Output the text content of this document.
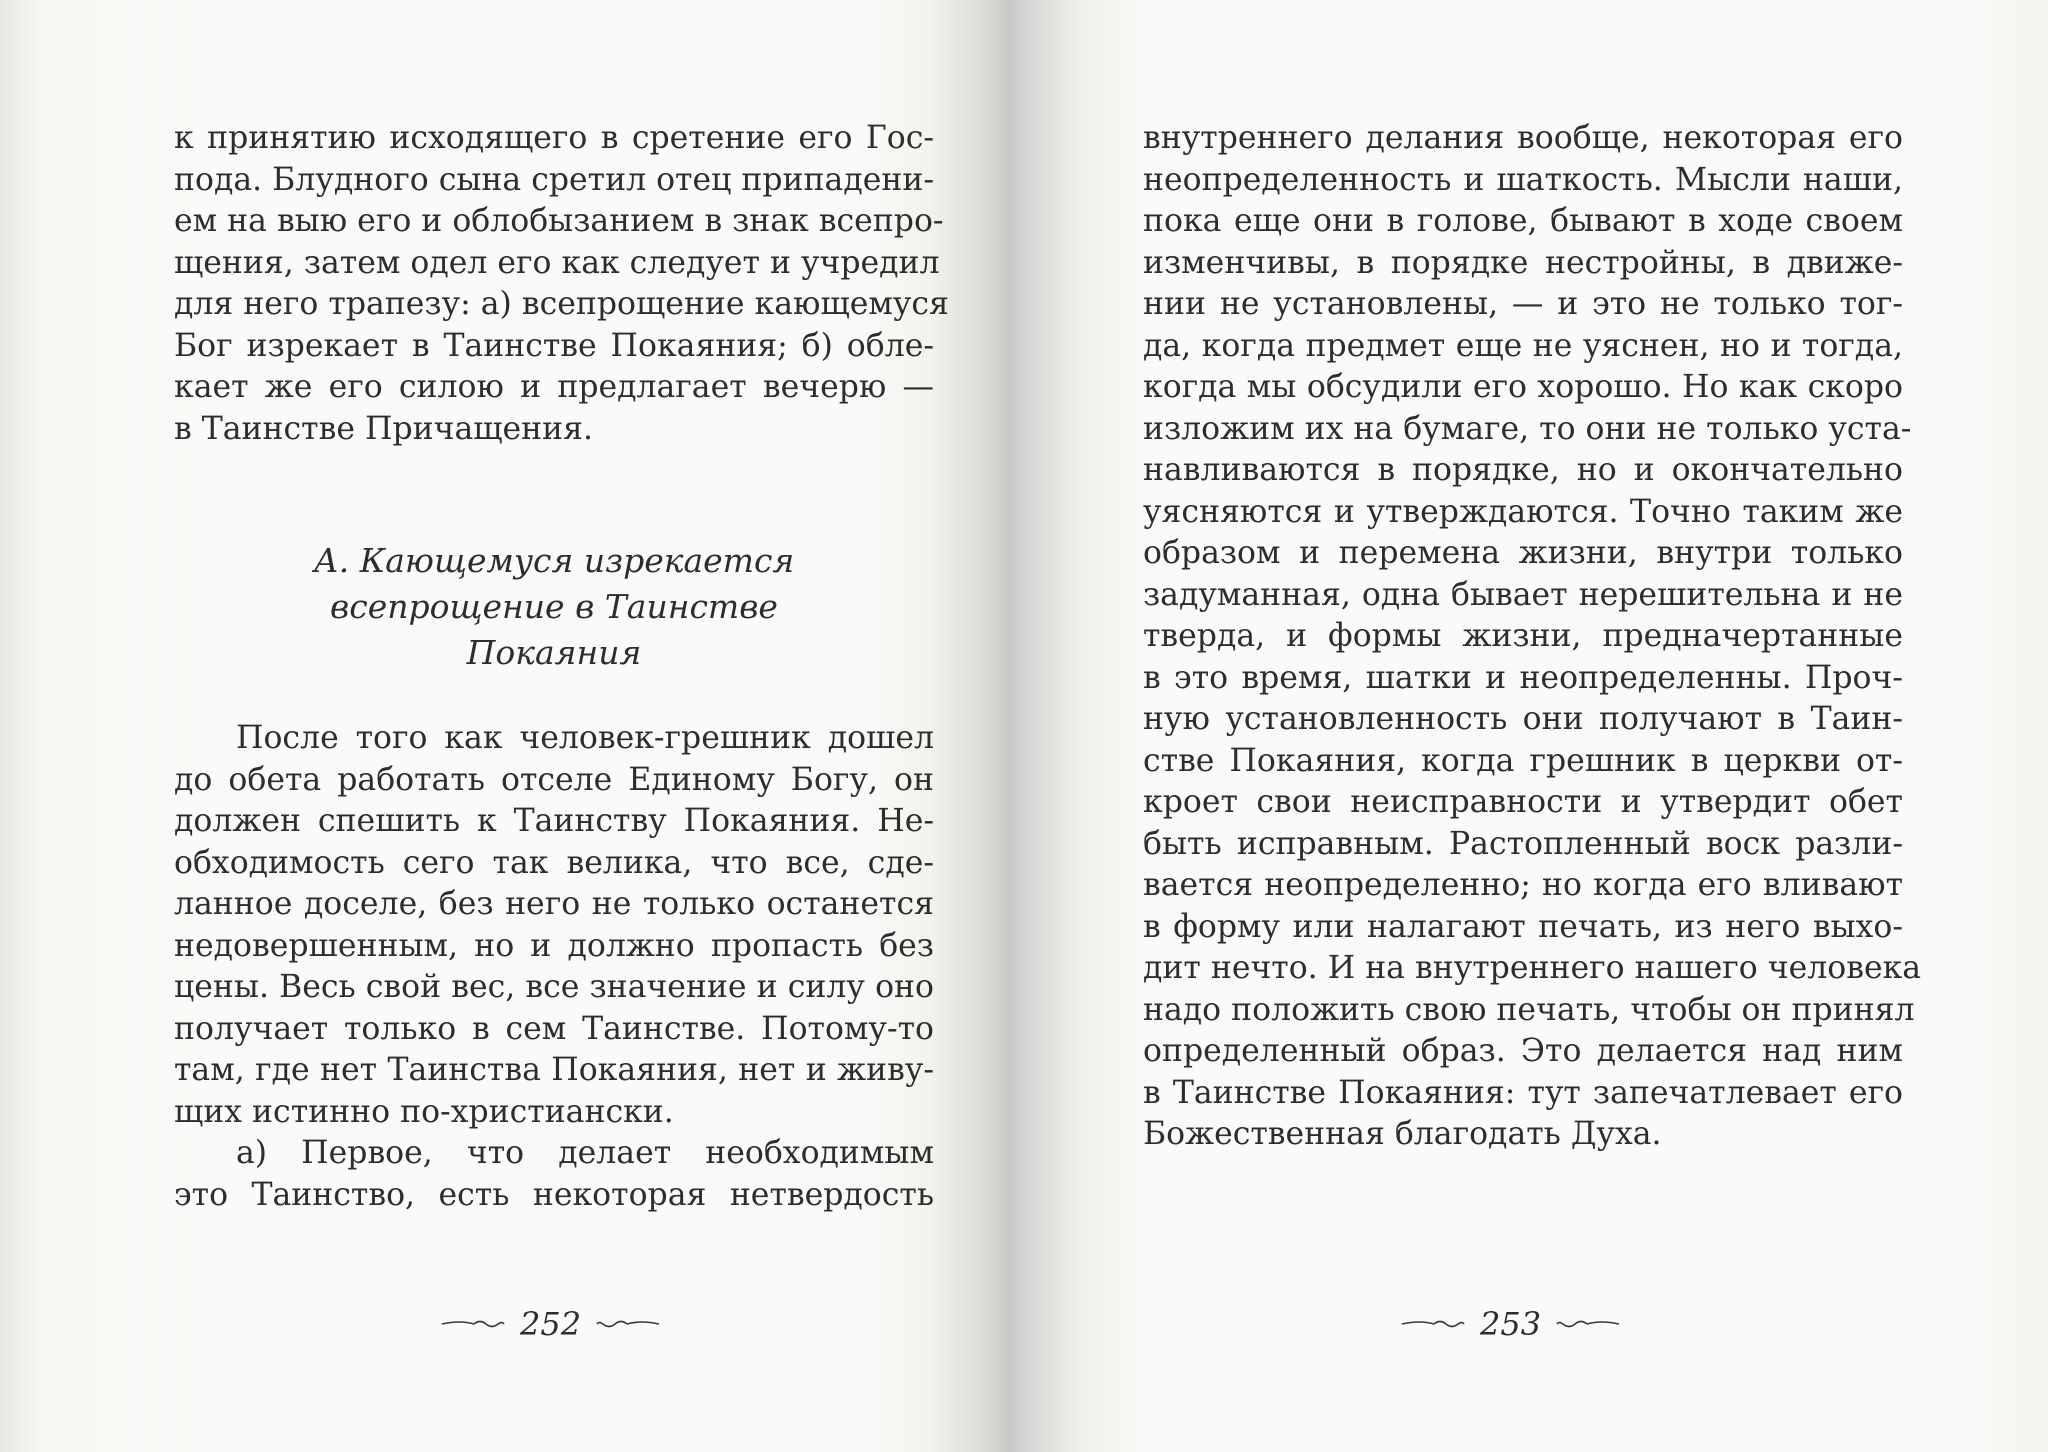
к принятию исходящего в сретение его Гос-
пода. Блудного сына сретил отец припадени-
ем на выю его и облобызанием в знак всепро-
щения, затем одел его как следует и учредил
для него трапезу: а) всепрощение кающемуся
Бог изрекает в Таинстве Покаяния; б) обле-
кает же его силою и предлагает вечерю —
в Таинстве Причащения.
А. Кающемуся изрекается
всепрощение в Таинстве
Покаяния
После того как человек-грешник дошел
до обета работать отселе Единому Богу, он
должен спешить к Таинству Покаяния. Не-
обходимость сего так велика, что все, сде-
ланное доселе, без него не только останется
недовершенным, но и должно пропасть без
цены. Весь свой вес, все значение и силу оно
получает только в сем Таинстве. Потому-то
там, где нет Таинства Покаяния, нет и живу-
щих истинно по-христиански.
а) Первое, что делает необходимым
это Таинство, есть некоторая нетвердость
252
внутреннего делания вообще, некоторая его
неопределенность и шаткость. Мысли наши,
пока еще они в голове, бывают в ходе своем
изменчивы, в порядке нестройны, в движе-
нии не установлены, — и это не только тог-
да, когда предмет еще не уяснен, но и тогда,
когда мы обсудили его хорошо. Но как скоро
изложим их на бумаге, то они не только уста-
навливаются в порядке, но и окончательно
уясняются и утверждаются. Точно таким же
образом и перемена жизни, внутри только
задуманная, одна бывает нерешительна и не
тверда, и формы жизни, предначертанные
в это время, шатки и неопределенны. Проч-
ную установленность они получают в Таин-
стве Покаяния, когда грешник в церкви от-
кроет свои неисправности и утвердит обет
быть исправным. Растопленный воск разли-
вается неопределенно; но когда его вливают
в форму или налагают печать, из него выхо-
дит нечто. И на внутреннего нашего человека
надо положить свою печать, чтобы он принял
определенный образ. Это делается над ним
в Таинстве Покаяния: тут запечатлевает его
Божественная благодать Духа.
253
